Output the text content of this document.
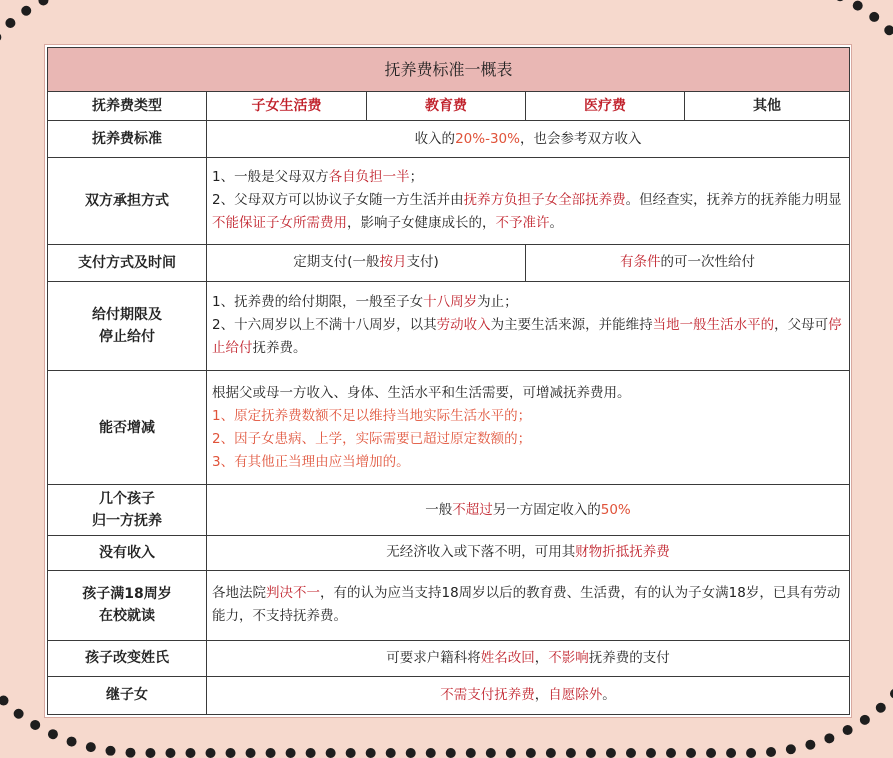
抚养费标准一概表				
抚养费类型	子女生活费	教育费	医疗费	其他
抚养费标准	收入的20%-30%，也会参考双方收入			
双方承担方式	1、一般是父母双方各自负担一半；
2、父母双方可以协议子女随一方生活并由抚养方负担子女全部抚养费。但经查实，抚养方的抚养能力明显不能保证子女所需费用，影响子女健康成长的，不予准许。			

支付方式及时间	定期支付(一般按月支付)		有条件的可一次性给付	

给付期限及
停止给付	1、抚养费的给付期限，一般至子女十八周岁为止；
2、十六周岁以上不满十八周岁，以其劳动收入为主要生活来源，并能维持当地一般生活水平的，父母可停止给付抚养费。			

能否增减	根据父或母一方收入、身体、生活水平和生活需要，可增减抚养费用。
1、原定抚养费数额不足以维持当地实际生活水平的；
2、因子女患病、上学，实际需要已超过原定数额的；
3、有其他正当理由应当增加的。			

几个孩子
归一方抚养	一般不超过另一方固定收入的50%			
没有收入	无经济收入或下落不明，可用其财物折抵抚养费			

孩子满18周岁
在校就读	各地法院判决不一，有的认为应当支持18周岁以后的教育费、生活费，有的认为子女满18岁，已具有劳动能力，不支持抚养费。			
孩子改变姓氏	可要求户籍科将姓名改回，不影响抚养费的支付			
继子女	不需支付抚养费，自愿除外。			
